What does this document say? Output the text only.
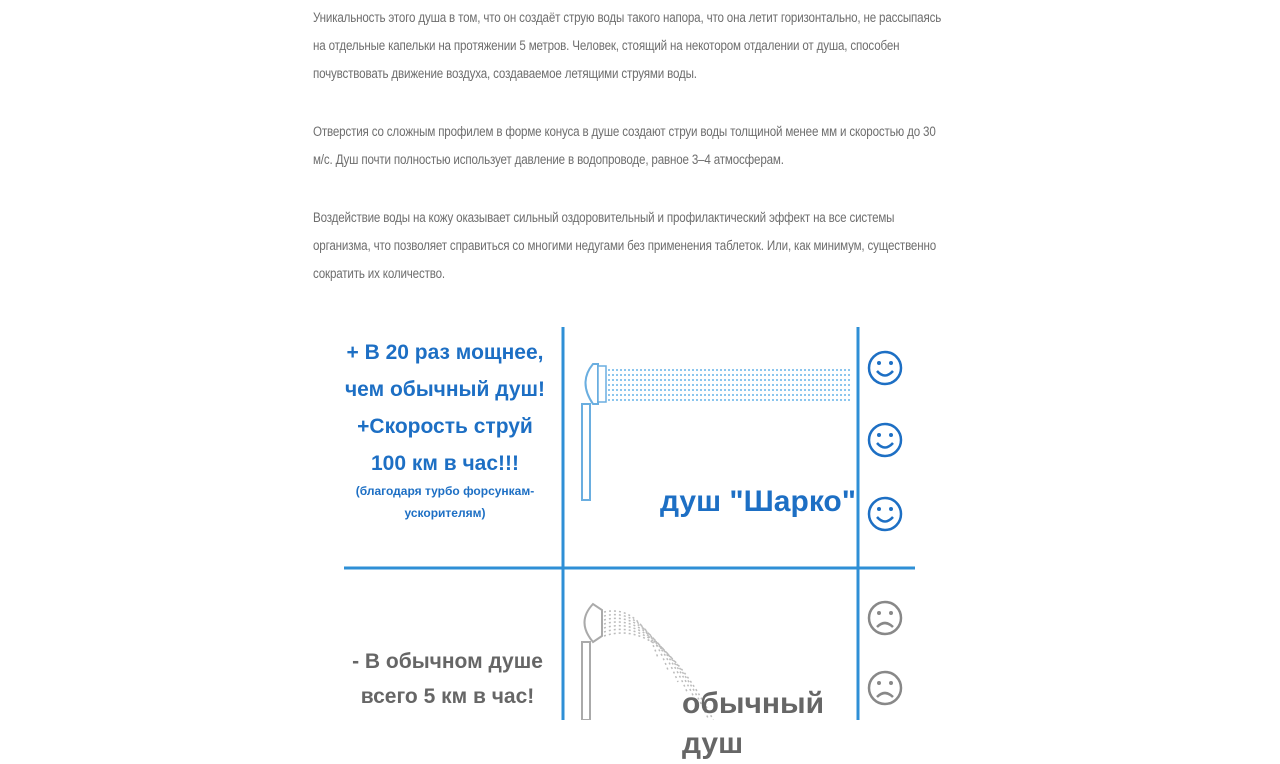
Уникальность этого душа в том, что он создаёт струю воды такого напора, что она летит горизонтально, не рассыпаясь на отдельные капельки на протяжении 5 метров. Человек, стоящий на некотором отдалении от душа, способен почувствовать движение воздуха, создаваемое летящими струями воды.

Отверстия со сложным профилем в форме конуса в душе создают струи воды толщиной менее мм и скоростью до 30 м/с. Душ почти полностью использует давление в водопроводе, равное 3–4 атмосферам.

Воздействие воды на кожу оказывает сильный оздоровительный и профилактический эффект на все системы организма, что позволяет справиться со многими недугами без применения таблеток. Или, как минимум, существенно сократить их количество.

+ В 20 раз мощнее,
чем обычный душ!
+Скорость струй
100 км в час!!!
(благодаря турбо форсункам-
ускорителям)	душ "Шарко"
- В обычном душе
всего 5 км в час!	обычный душ
